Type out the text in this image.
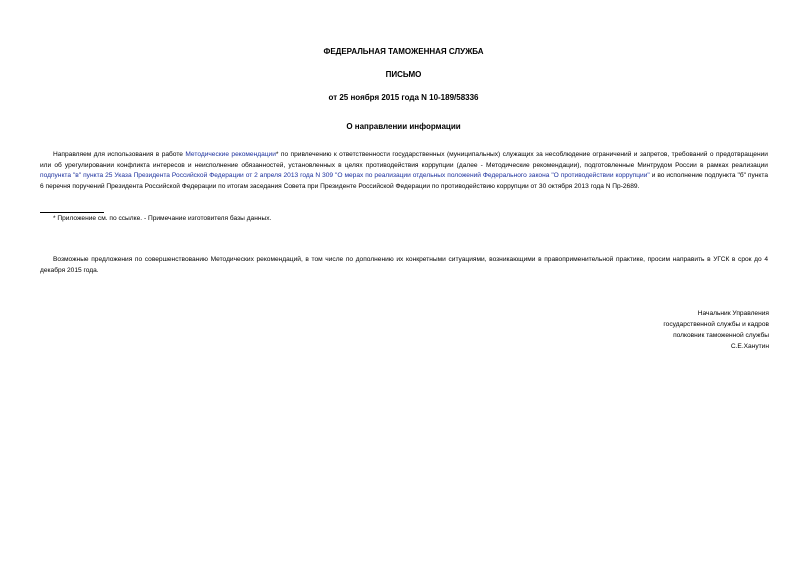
ФЕДЕРАЛЬНАЯ ТАМОЖЕННАЯ СЛУЖБА
ПИСЬМО
от 25 ноября 2015 года N 10-189/58336
О направлении информации

Направляем для использования в работе Методические рекомендации* по привлечению к ответственности государственных (муниципальных) служащих за несоблюдение ограничений и запретов, требований о предотвращении или об урегулировании конфликта интересов и неисполнение обязанностей, установленных в целях противодействия коррупции (далее - Методические рекомендации), подготовленные Минтрудом России в рамках реализации подпункта "в" пункта 25 Указа Президента Российской Федерации от 2 апреля 2013 года N 309 "О мерах по реализации отдельных положений Федерального закона "О противодействии коррупции" и во исполнение подпункта "б" пункта 6 перечня поручений Президента Российской Федерации по итогам заседания Совета при Президенте Российской Федерации по противодействию коррупции от 30 октября 2013 года N Пр-2689.

* Приложение см. по ссылке. - Примечание изготовителя базы данных.

Возможные предложения по совершенствованию Методических рекомендаций, в том числе по дополнению их конкретными ситуациями, возникающими в правоприменительной практике, просим направить в УГСК в срок до 4 декабря 2015 года.

Начальник Управления
государственной службы и кадров
полковник таможенной службы
С.Е.Ханутин
